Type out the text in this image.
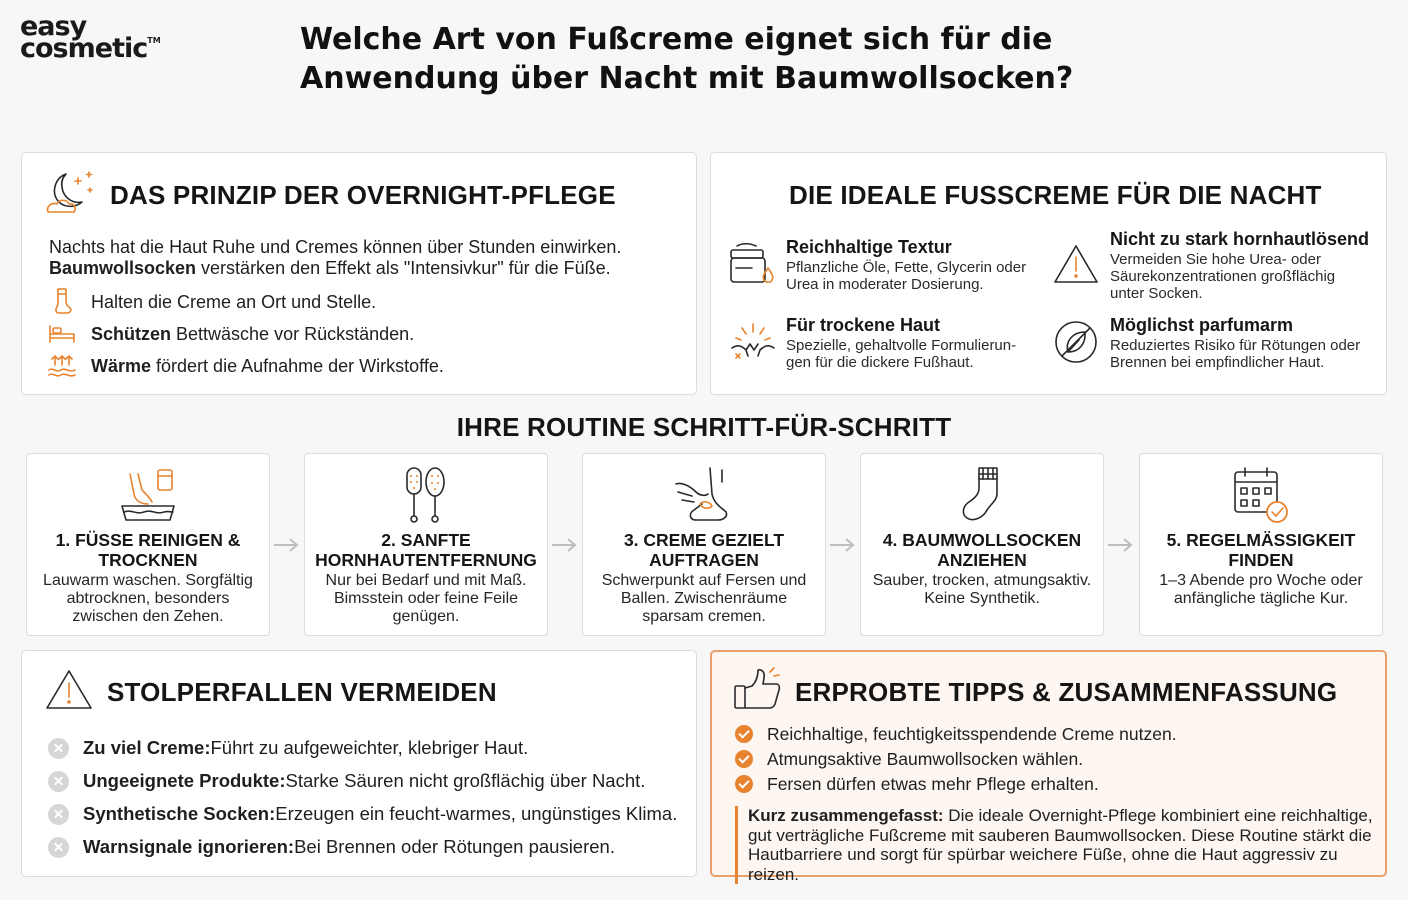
easy
cosmetic™	Welche Art von Fußcreme eignet sich für die Anwendung über Nacht mit Baumwollsocken?
DAS PRINZIP DER OVERNIGHT-PFLEGE
Nachts hat die Haut Ruhe und Cremes können über Stunden einwirken.
Baumwollsocken verstärken den Effekt als "Intensivkur" für die Füße.
Halten die Creme an Ort und Stelle.
Schützen Bettwäsche vor Rückständen.
Wärme fördert die Aufnahme der Wirkstoffe.
DIE IDEALE FUSSCREME FÜR DIE NACHT
Reichhaltige Textur
Pflanzliche Öle, Fette, Glycerin oder Urea in moderater Dosierung.
Nicht zu stark hornhautlösend
Vermeiden Sie hohe Urea- oder Säurekonzentrationen großflächig unter Socken.
Für trockene Haut
Spezielle, gehaltvolle Formulierun-gen für die dickere Fußhaut.
Möglichst parfumarm
Reduziertes Risiko für Rötungen oder Brennen bei empfindlicher Haut.
IHRE ROUTINE SCHRITT-FÜR-SCHRITT
1. FÜSSE REINIGEN & TROCKNEN
Lauwarm waschen. Sorgfältig abtrocknen, besonders zwischen den Zehen.
2. SANFTE HORNHAUTENTFERNUNG
Nur bei Bedarf und mit Maß. Bimsstein oder feine Feile genügen.
3. CREME GEZIELT AUFTRAGEN
Schwerpunkt auf Fersen und Ballen. Zwischenräume sparsam cremen.
4. BAUMWOLLSOCKEN ANZIEHEN
Sauber, trocken, atmungsaktiv. Keine Synthetik.
5. REGELMÄSSIGKEIT FINDEN
1–3 Abende pro Woche oder anfängliche tägliche Kur.
STOLPERFALLEN VERMEIDEN
Zu viel Creme: Führt zu aufgeweichter, klebriger Haut.
Ungeeignete Produkte: Starke Säuren nicht großflächig über Nacht.
Synthetische Socken: Erzeugen ein feucht-warmes, ungünstiges Klima.
Warnsignale ignorieren: Bei Brennen oder Rötungen pausieren.
ERPROBTE TIPPS & ZUSAMMENFASSUNG
Reichhaltige, feuchtigkeitsspendende Creme nutzen.
Atmungsaktive Baumwollsocken wählen.
Fersen dürfen etwas mehr Pflege erhalten.
Kurz zusammengefasst: Die ideale Overnight-Pflege kombiniert eine reichhaltige, gut verträgliche Fußcreme mit sauberen Baumwollsocken. Diese Routine stärkt die Hautbarriere und sorgt für spürbar weichere Füße, ohne die Haut aggressiv zu reizen.
